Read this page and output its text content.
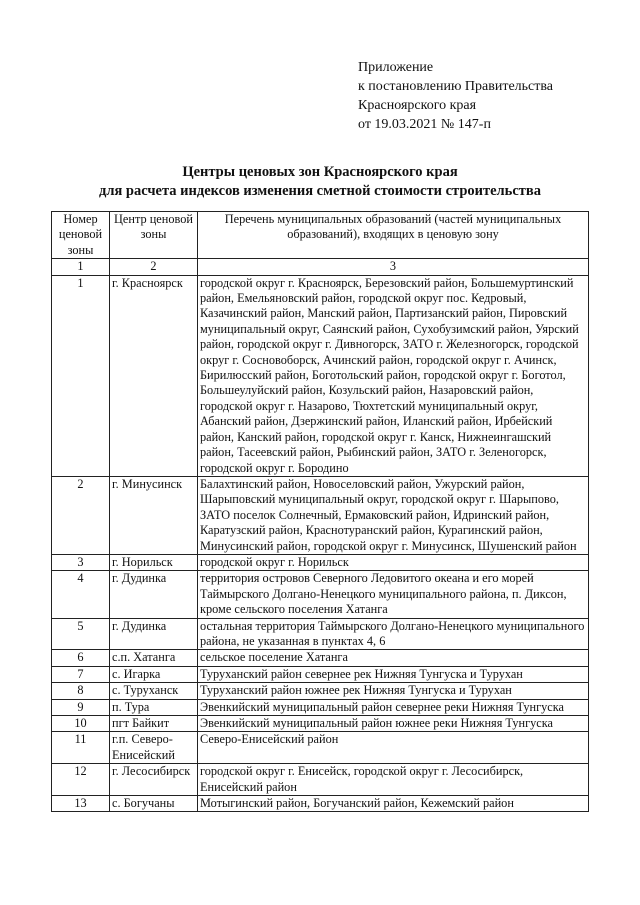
Приложение
к постановлению Правительства
Красноярского края
от 19.03.2021 № 147-п
Центры ценовых зон Красноярского края
для расчета индексов изменения сметной стоимости строительства
Номер ценовой зоны	Центр ценовой зоны	Перечень муниципальных образований (частей муниципальных образований), входящих в ценовую зону
1	2	3
1	г. Красноярск	городской округ г. Красноярск, Березовский район, Большемуртинский район, Емельяновский район, городской округ пос. Кедровый, Казачинский район, Манский район, Партизанский район, Пировский муниципальный округ, Саянский район, Сухобузимский район, Уярский район, городской округ г. Дивногорск, ЗАТО г. Железногорск, городской округ г. Сосновоборск, Ачинский район, городской округ г. Ачинск, Бирилюсский район, Боготольский район, городской округ г. Боготол, Большеулуйский район, Козульский район, Назаровский район, городской округ г. Назарово, Тюхтетский муниципальный округ, Абанский район, Дзержинский район, Иланский район, Ирбейский район, Канский район, городской округ г. Канск, Нижнеингашский район, Тасеевский район, Рыбинский район, ЗАТО г. Зеленогорск, городской округ г. Бородино
2	г. Минусинск	Балахтинский район, Новоселовский район, Ужурский район, Шарыповский муниципальный округ, городской округ г. Шарыпово, ЗАТО поселок Солнечный, Ермаковский район, Идринский район, Каратузский район, Краснотуранский район, Курагинский район, Минусинский район, городской округ г. Минусинск, Шушенский район
3	г. Норильск	городской округ г. Норильск
4	г. Дудинка	территория островов Северного Ледовитого океана и его морей Таймырского Долгано-Ненецкого муниципального района, п. Диксон, кроме сельского поселения Хатанга
5	г. Дудинка	остальная территория Таймырского Долгано-Ненецкого муниципального района, не указанная в пунктах 4, 6
6	с.п. Хатанга	сельское поселение Хатанга
7	с. Игарка	Туруханский район севернее рек Нижняя Тунгуска и Турухан
8	с. Туруханск	Туруханский район южнее рек Нижняя Тунгуска и Турухан
9	п. Тура	Эвенкийский муниципальный район севернее реки Нижняя Тунгуска
10	пгт Байкит	Эвенкийский муниципальный район южнее реки Нижняя Тунгуска
11	г.п. Северо-Енисейский	Северо-Енисейский район
12	г. Лесосибирск	городской округ г. Енисейск, городской округ г. Лесосибирск, Енисейский район
13	с. Богучаны	Мотыгинский район, Богучанский район, Кежемский район
